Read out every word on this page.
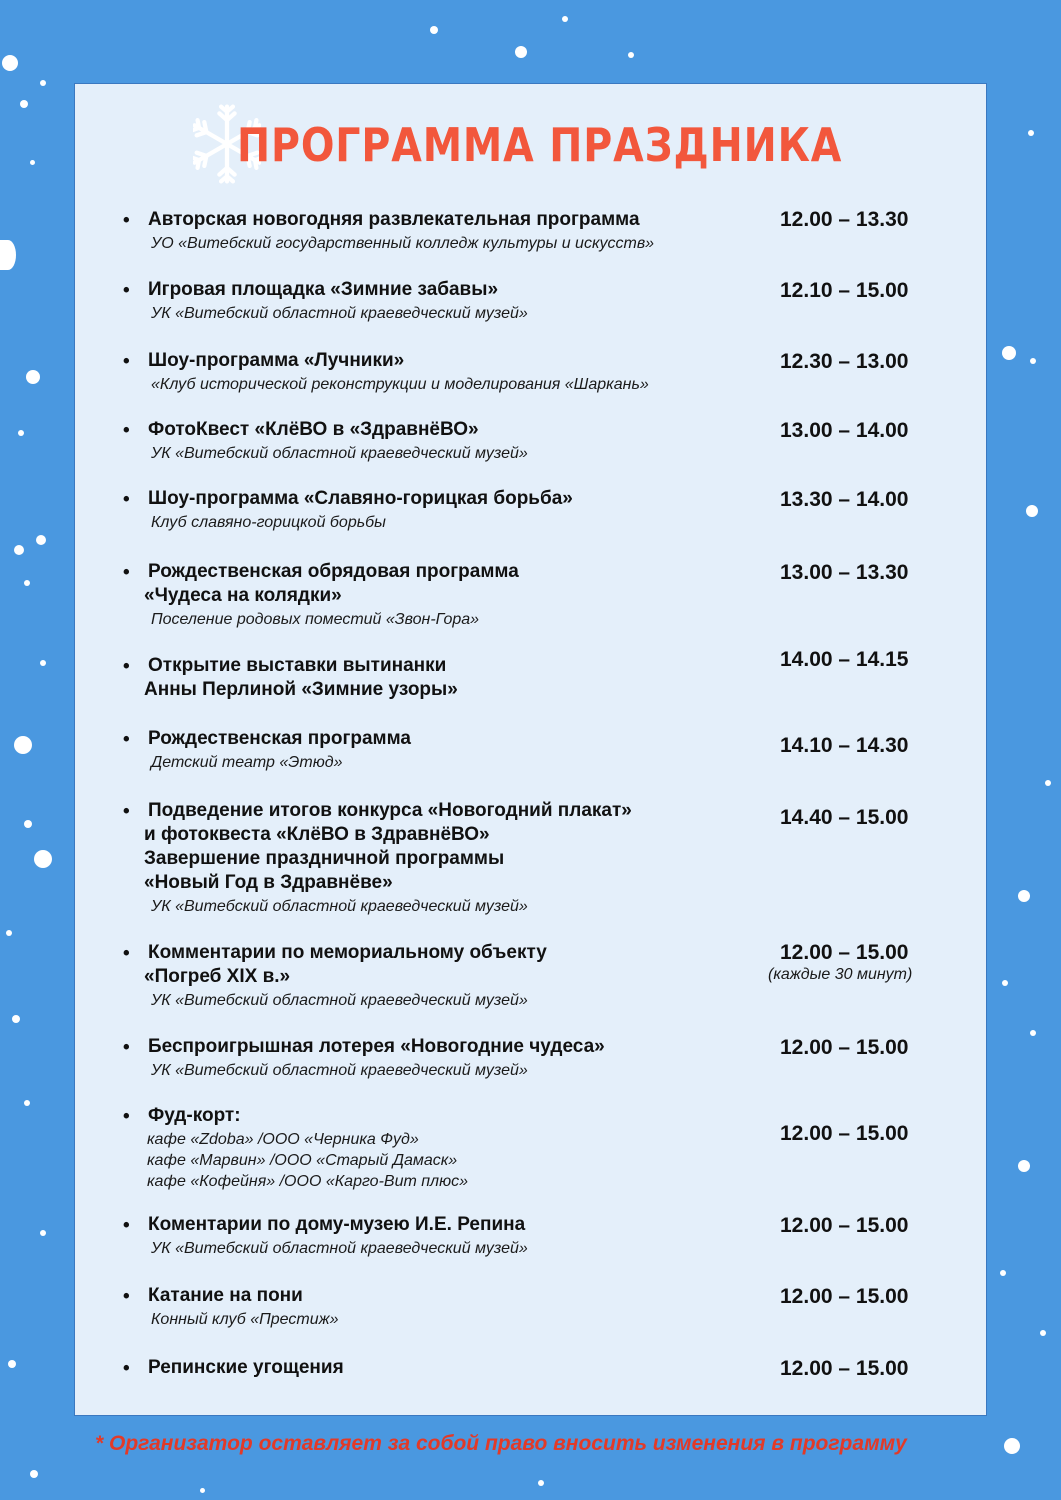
ПРОГРАММА ПРАЗДНИКА
• Авторская новогодняя развлекательная программа
УО «Витебский государственный колледж культуры и искусств»
12.00 – 13.30
• Игровая площадка «Зимние забавы»
УК «Витебский областной краеведческий музей»
12.10 – 15.00
• Шоу-программа «Лучники»
«Клуб исторической реконструкции и моделирования «Шаркань»
12.30 – 13.00
• ФотоКвест «КлёВО в «ЗдравнёВО»
УК «Витебский областной краеведческий музей»
13.00 – 14.00
• Шоу-программа «Славяно-горицкая борьба»
Клуб славяно-горицкой борьбы
13.30 – 14.00
• Рождественская обрядовая программа
«Чудеса на колядки»
Поселение родовых поместий «Звон-Гора»
13.00 – 13.30
• Открытие выставки вытинанки
Анны Перлиной «Зимние узоры»
14.00 – 14.15
• Рождественская программа
Детский театр «Этюд»
14.10 – 14.30
• Подведение итогов конкурса «Новогодний плакат»
и фотоквеста «КлёВО в ЗдравнёВО»
Завершение праздничной программы
«Новый Год в Здравнёве»
УК «Витебский областной краеведческий музей»
14.40 – 15.00
• Комментарии по мемориальному объекту
«Погреб XIX в.»
УК «Витебский областной краеведческий музей»
12.00 – 15.00
(каждые 30 минут)
• Беспроигрышная лотерея «Новогодние чудеса»
УК «Витебский областной краеведческий музей»
12.00 – 15.00
• Фуд-корт:
кафе «Zdoba» /ООО «Черника Фуд»
кафе «Марвин» /ООО «Старый Дамаск»
кафе «Кофейня» /ООО «Карго-Вит плюс»
12.00 – 15.00
• Коментарии по дому-музею И.Е. Репина
УК «Витебский областной краеведческий музей»
12.00 – 15.00
• Катание на пони
Конный клуб «Престиж»
12.00 – 15.00
• Репинские угощения	12.00 – 15.00
* Организатор оставляет за собой право вносить изменения в программу
